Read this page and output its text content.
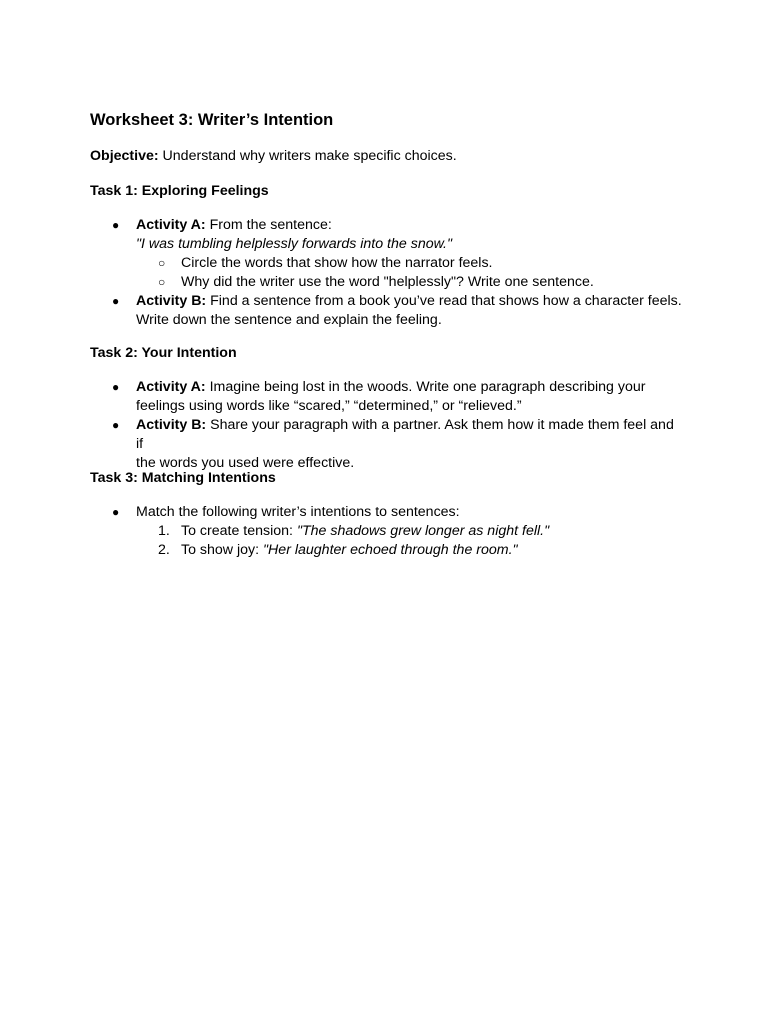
Worksheet 3: Writer’s Intention
Objective: Understand why writers make specific choices.
Task 1: Exploring Feelings
●	Activity A: From the sentence:
"I was tumbling helplessly forwards into the snow."
○	Circle the words that show how the narrator feels.
○	Why did the writer use the word "helplessly"? Write one sentence.
●	Activity B: Find a sentence from a book you’ve read that shows how a character feels.
Write down the sentence and explain the feeling.
Task 2: Your Intention
●	Activity A: Imagine being lost in the woods. Write one paragraph describing your
feelings using words like “scared,” “determined,” or “relieved.”
●	Activity B: Share your paragraph with a partner. Ask them how it made them feel and if
the words you used were effective.
Task 3: Matching Intentions
●	Match the following writer’s intentions to sentences:
1. To create tension: "The shadows grew longer as night fell."
2. To show joy: "Her laughter echoed through the room."
